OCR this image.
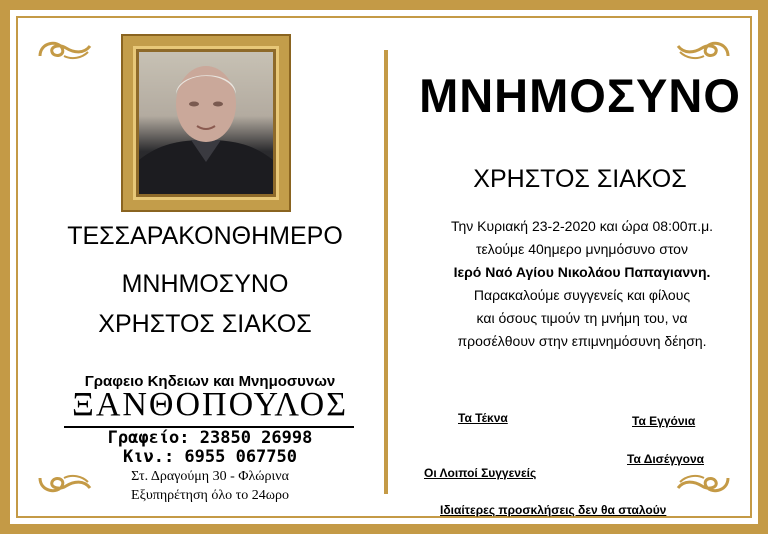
ΤΕΣΣΑΡΑΚΟΝΘΗΜΕΡΟ
ΜΝΗΜΟΣΥΝΟ
ΧΡΗΣΤΟΣ ΣΙΑΚΟΣ
Γραφειο Κηδειων και Μνημοσυνων
ΞΑΝΘΟΠΟΥΛΟΣ
Γραφείο: 23850 26998
Κιν.: 6955 067750
Στ. Δραγούμη 30 - Φλώρινα
Εξυπηρέτηση όλο το 24ωρο
ΜΝΗΜΟΣΥΝΟ
ΧΡΗΣΤΟΣ ΣΙΑΚΟΣ
Την Κυριακή 23-2-2020 και ώρα 08:00π.μ.
τελούμε 40ημερο μνημόσυνο στον
Ιερό Ναό Αγίου Νικολάου Παπαγιαννη.
Παρακαλούμε συγγενείς και φίλους
και όσους τιμούν τη μνήμη του, να
προσέλθουν στην επιμνημόσυνη δέηση.
Τα Τέκνα	Τα Εγγόνια
Τα Δισέγγονα
Οι Λοιποί Συγγενείς
Ιδιαίτερες προσκλήσεις δεν θα σταλούν
